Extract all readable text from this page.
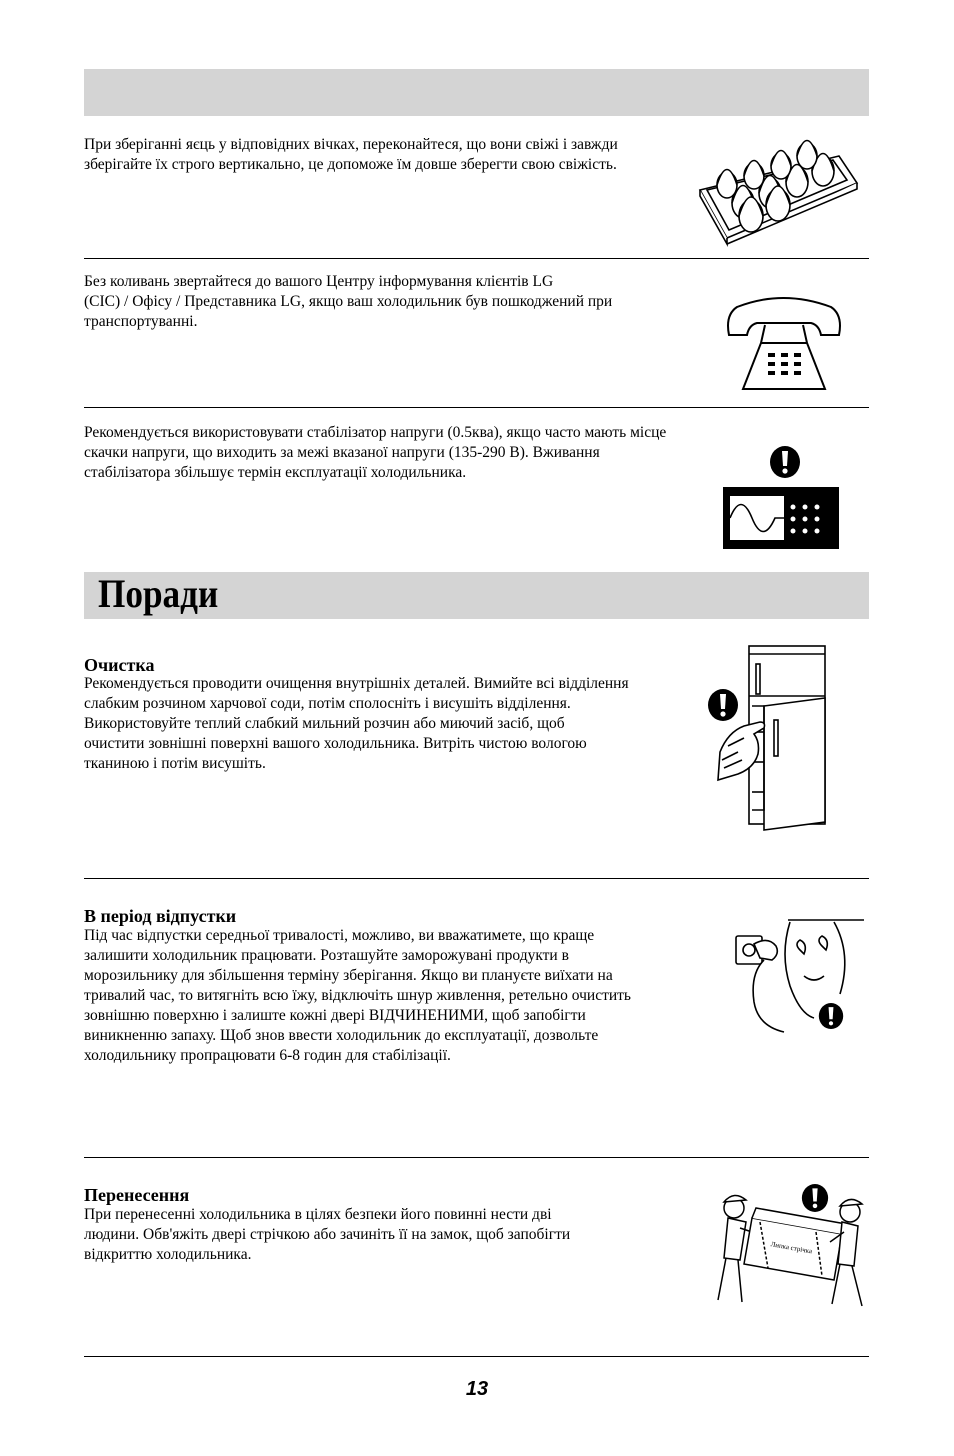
При зберіганні яєць у відповідних вічках, переконайтеся, що вони свіжі і завжди
зберігайте їх строго вертикально, це допоможе їм довше зберегти свою свіжість.
Без коливань звертайтеся до вашого Центру інформування клієнтів LG
(CIC) / Офісу / Представника LG, якщо ваш холодильник був пошкоджений при
транспортуванні.
Рекомендується використовувати стабілізатор напруги (0.5ква), якщо часто мають місце
скачки напруги, що виходить за межі вказаної напруги (135-290 В). Вживання
стабілізатора збільшує термін експлуатації холодильника.
Поради
Очистка
Рекомендується проводити очищення внутрішніх деталей. Вимийте всі відділення
слабким розчином харчової соди, потім сполосніть і висушіть відділення.
Використовуйте теплий слабкий мильний розчин або миючий засіб, щоб
очистити зовнішні поверхні вашого холодильника. Витріть чистою вологою
тканиною і потім висушіть.
В період відпустки
Під час відпустки середньої тривалості, можливо, ви вважатимете, що краще
залишити холодильник працювати. Розташуйте заморожувані продукти в
морозильнику для збільшення терміну зберігання. Якщо ви плануєте виїхати на
тривалий час, то витягніть всю їжу, відключіть шнур живлення, ретельно очистить
зовнішню поверхню і залиште кожні двері ВІДЧИНЕНИМИ, щоб запобігти
виникненню запаху. Щоб знов ввести холодильник до експлуатації, дозвольте
холодильнику пропрацювати 6-8 годин для стабілізації.
Перенесення
При перенесенні холодильника в цілях безпеки його повинні нести дві
людини. Обв'яжіть двері стрічкою або зачиніть її на замок, щоб запобігти
відкриттю холодильника.	Липка стрічка
13
